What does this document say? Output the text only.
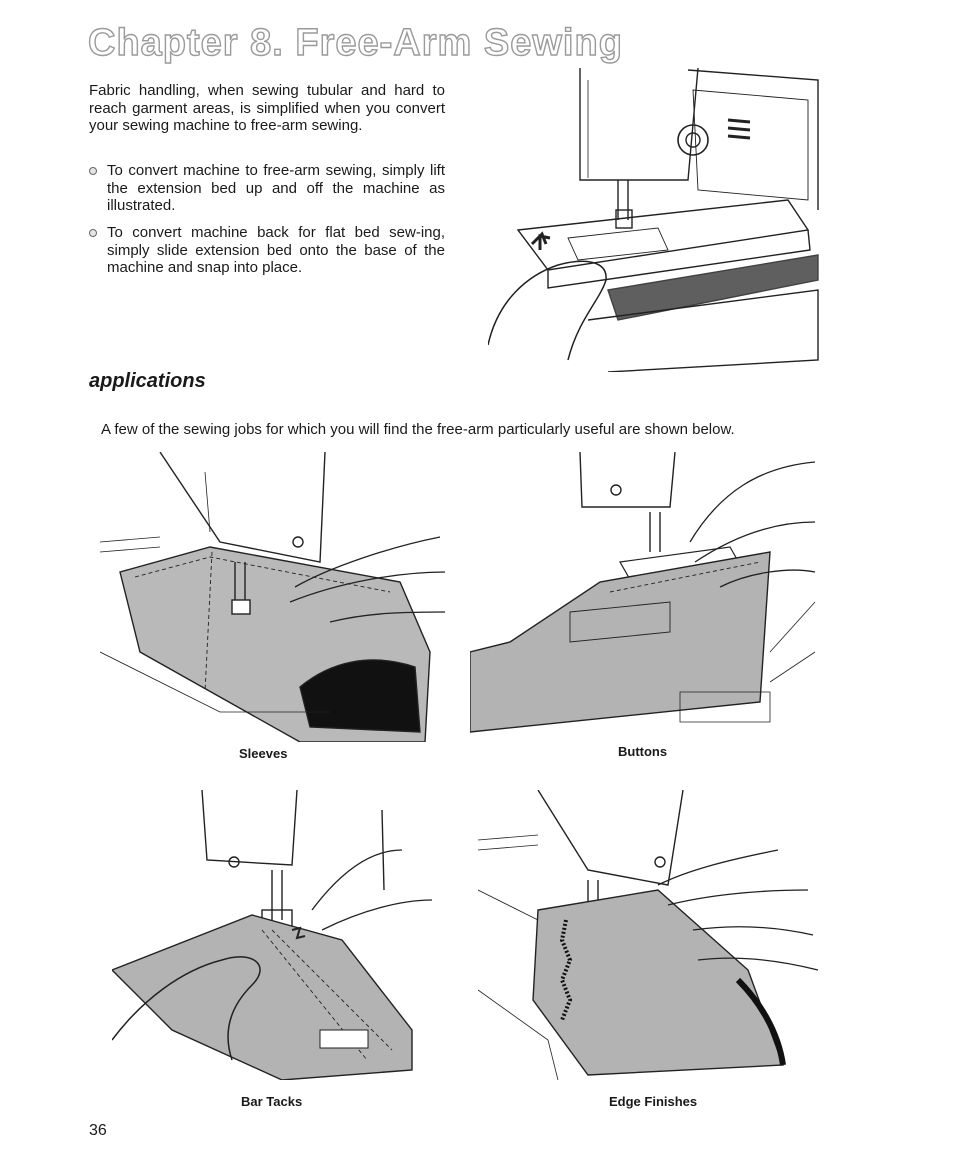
Chapter 8. Free-Arm Sewing

Fabric handling, when sewing tubular and hard to reach garment areas, is simplified when you convert your sewing machine to free-arm sewing.

To convert machine to free-arm sewing, simply lift the extension bed up and off the machine as illustrated.
To convert machine back for flat bed sew-ing, simply slide extension bed onto the base of the machine and snap into place.
applications

A few of the sewing jobs for which you will find the free-arm particularly useful are shown below.

Sleeves	Buttons
Bar Tacks	Edge Finishes
36
